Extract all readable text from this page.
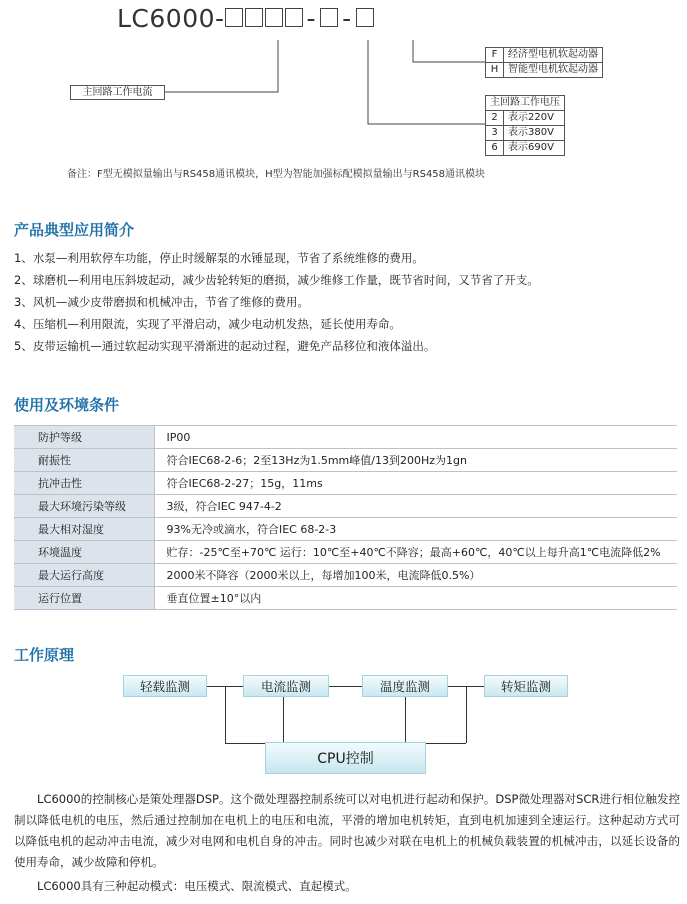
LC6000-	- -
主回路工作电流
F	经济型电机软起动器
H	智能型电机软起动器
主回路工作电压	
2	表示220V
3	表示380V
6	表示690V
备注：F型无模拟量输出与RS458通讯模块，H型为智能加强标配模拟量输出与RS458通讯模块
产品典型应用简介
1、水泵—利用软停车功能，停止时缓解泵的水锤显现，节省了系统维修的费用。
2、球磨机—利用电压斜坡起动，减少齿轮转矩的磨损，减少维修工作量，既节省时间，又节省了开支。
3、风机—减少皮带磨损和机械冲击，节省了维修的费用。
4、压缩机—利用限流，实现了平滑启动，减少电动机发热，延长使用寿命。
5、皮带运输机—通过软起动实现平滑渐进的起动过程，避免产品移位和液体溢出。
使用及环境条件
防护等级	IP00
耐振性	符合IEC68-2-6；2至13Hz为1.5mm峰值/13到200Hz为1gn
抗冲击性	符合IEC68-2-27；15g，11ms
最大环境污染等级	3级，符合IEC 947-4-2
最大相对湿度	93%无冷或滴水，符合IEC 68-2-3
环境温度	贮存：-25℃至+70℃ 运行：10℃至+40℃不降容；最高+60℃，40℃以上每升高1℃电流降低2%
最大运行高度	2000米不降容（2000米以上，每增加100米，电流降低0.5%）
运行位置	垂直位置±10°以内
工作原理
轻载监测	电流监测	温度监测	转矩监测
CPU控制

　　LC6000的控制核心是策处理器DSP。这个微处理器控制系统可以对电机进行起动和保护。DSP微处理器对SCR进行相位触发控制以降低电机的电压，然后通过控制加在电机上的电压和电流，平滑的增加电机转矩，直到电机加速到全速运行。这种起动方式可以降低电机的起动冲击电流，减少对电网和电机自身的冲击。同时也减少对联在电机上的机械负载装置的机械冲击，以延长设备的使用寿命，减少故障和停机。

　　LC6000具有三种起动模式：电压模式、限流模式、直起模式。
